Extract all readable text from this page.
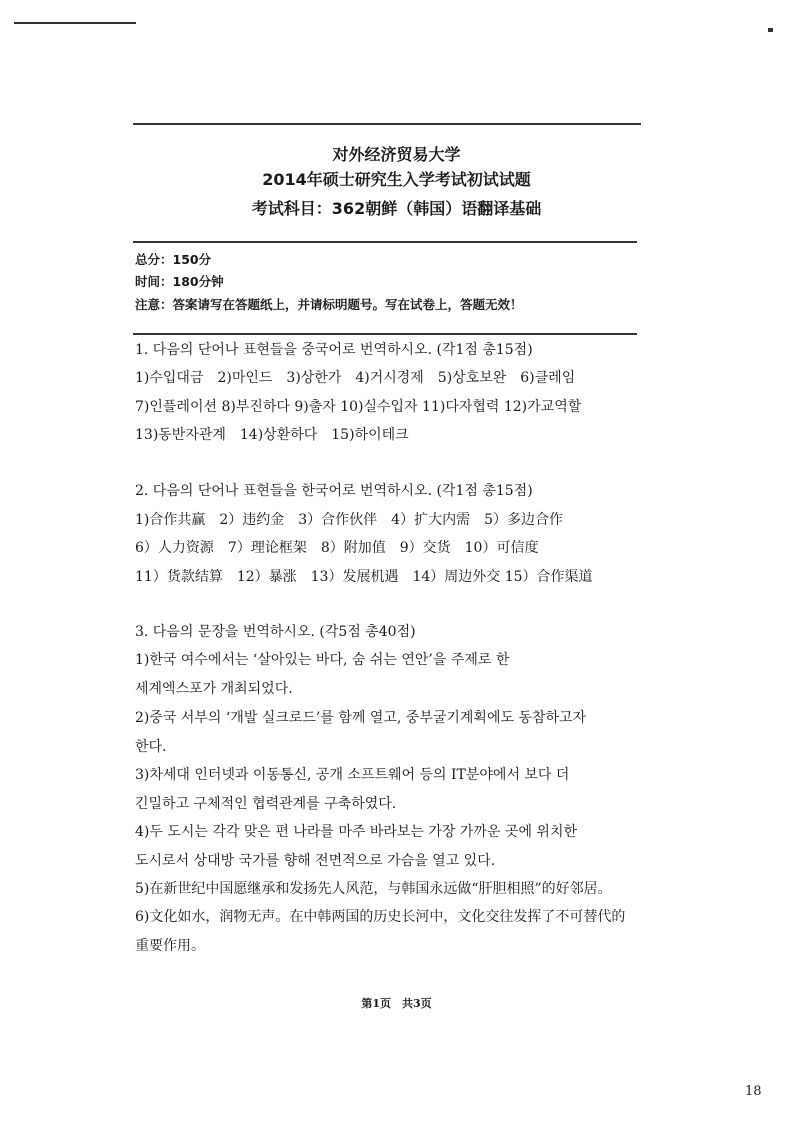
对外经济贸易大学
2014年硕士研究生入学考试初试试题
考试科目：362朝鲜（韩国）语翻译基础
总分：150分
时间：180分钟
注意：答案请写在答题纸上，并请标明题号。写在试卷上，答题无效！
1. 다음의 단어나 표현들을 중국어로 번역하시오. (각1점 총15점)
1)수입대금　2)마인드　3)상한가　4)거시경제　5)상호보완　6)클레임
7)인플레이션 8)부진하다 9)출자 10)실수입자 11)다자협력 12)가교역할
13)동반자관계　14)상환하다　15)하이테크
2. 다음의 단어나 표현들을 한국어로 번역하시오. (각1점 총15점)
1)合作共赢　2）违约金　3）合作伙伴　4）扩大内需　5）多边合作
6）人力资源　7）理论框架　8）附加值　9）交货　10）可信度
11）货款结算　12）暴涨　13）发展机遇　14）周边外交 15）合作渠道
3. 다음의 문장을 번역하시오. (각5점 총40점)
1)한국 여수에서는 ‘살아있는 바다, 숨 쉬는 연안’을 주제로 한
세계엑스포가 개최되었다.
2)중국 서부의 ‘개발 실크로드’를 함께 열고, 중부굴기계획에도 동참하고자
한다.
3)차세대 인터넷과 이동통신, 공개 소프트웨어 등의 IT분야에서 보다 더
긴밀하고 구체적인 협력관계를 구축하였다.
4)두 도시는 각각 맞은 편 나라를 마주 바라보는 가장 가까운 곳에 위치한
도시로서 상대방 국가를 향해 전면적으로 가슴을 열고 있다.
5)在新世纪中国愿继承和发扬先人风范，与韩国永远做“肝胆相照”的好邻居。
6)文化如水，润物无声。在中韩两国的历史长河中，文化交往发挥了不可替代的
重要作用。
第1页　共3页
18
